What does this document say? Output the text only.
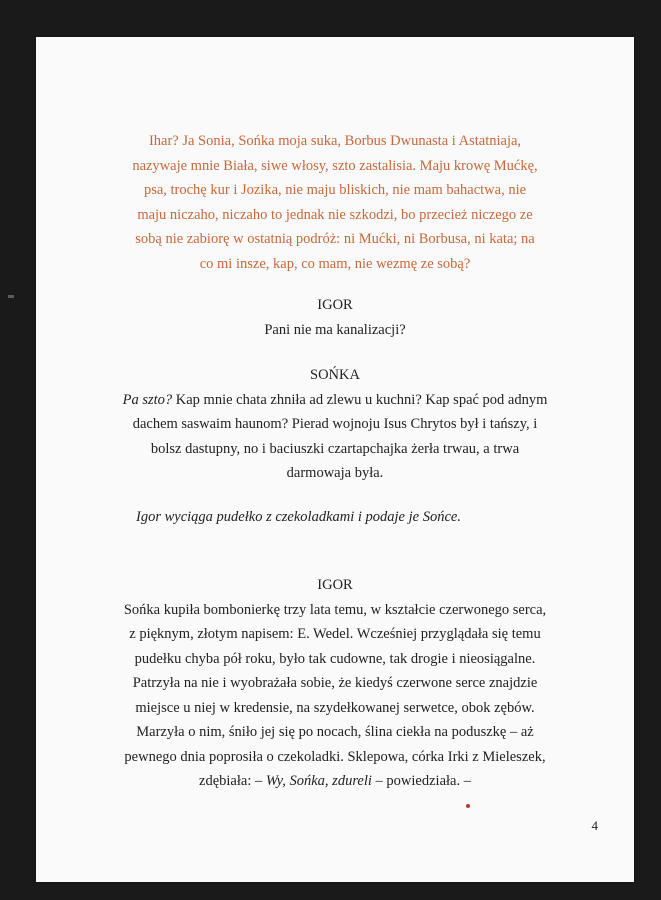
Ihar? Ja Sonia, Sońka moja suka, Borbus Dwunasta i Astatniaja,

nazywaje mnie Biała, siwe włosy, szto zastalisia. Maju krowę Mućkę,

psa, trochę kur i Jozika, nie maju bliskich, nie mam bahactwa, nie

maju niczaho, niczaho to jednak nie szkodzi, bo przecież niczego ze

sobą nie zabiorę w ostatnią podróż: ni Mućki, ni Borbusa, ni kata; na

co mi insze, kap, co mam, nie wezmę ze sobą?

IGOR

Pani nie ma kanalizacji?

SOŃKA

Pa szto? Kap mnie chata zhniła ad zlewu u kuchni? Kap spać pod adnym

dachem saswaim haunom? Pierad wojnoju Isus Chrytos był i tańszy, i

bolsz dastupny, no i baciuszki czartapchajka żerła trwau, a trwa

darmowaja była.

Igor wyciąga pudełko z czekoladkami i podaje je Sońce.

IGOR

Sońka kupiła bombonierkę trzy lata temu, w kształcie czerwonego serca,

z pięknym, złotym napisem: E. Wedel. Wcześniej przyglądała się temu

pudełku chyba pół roku, było tak cudowne, tak drogie i nieosiągalne.

Patrzyła na nie i wyobrażała sobie, że kiedyś czerwone serce znajdzie

miejsce u niej w kredensie, na szydełkowanej serwetce, obok zębów.

Marzyła o nim, śniło jej się po nocach, ślina ciekła na poduszkę – aż

pewnego dnia poprosiła o czekoladki. Sklepowa, córka Irki z Mieleszek,

zdębiała: – Wy, Sońka, zdureli – powiedziała. –

4
